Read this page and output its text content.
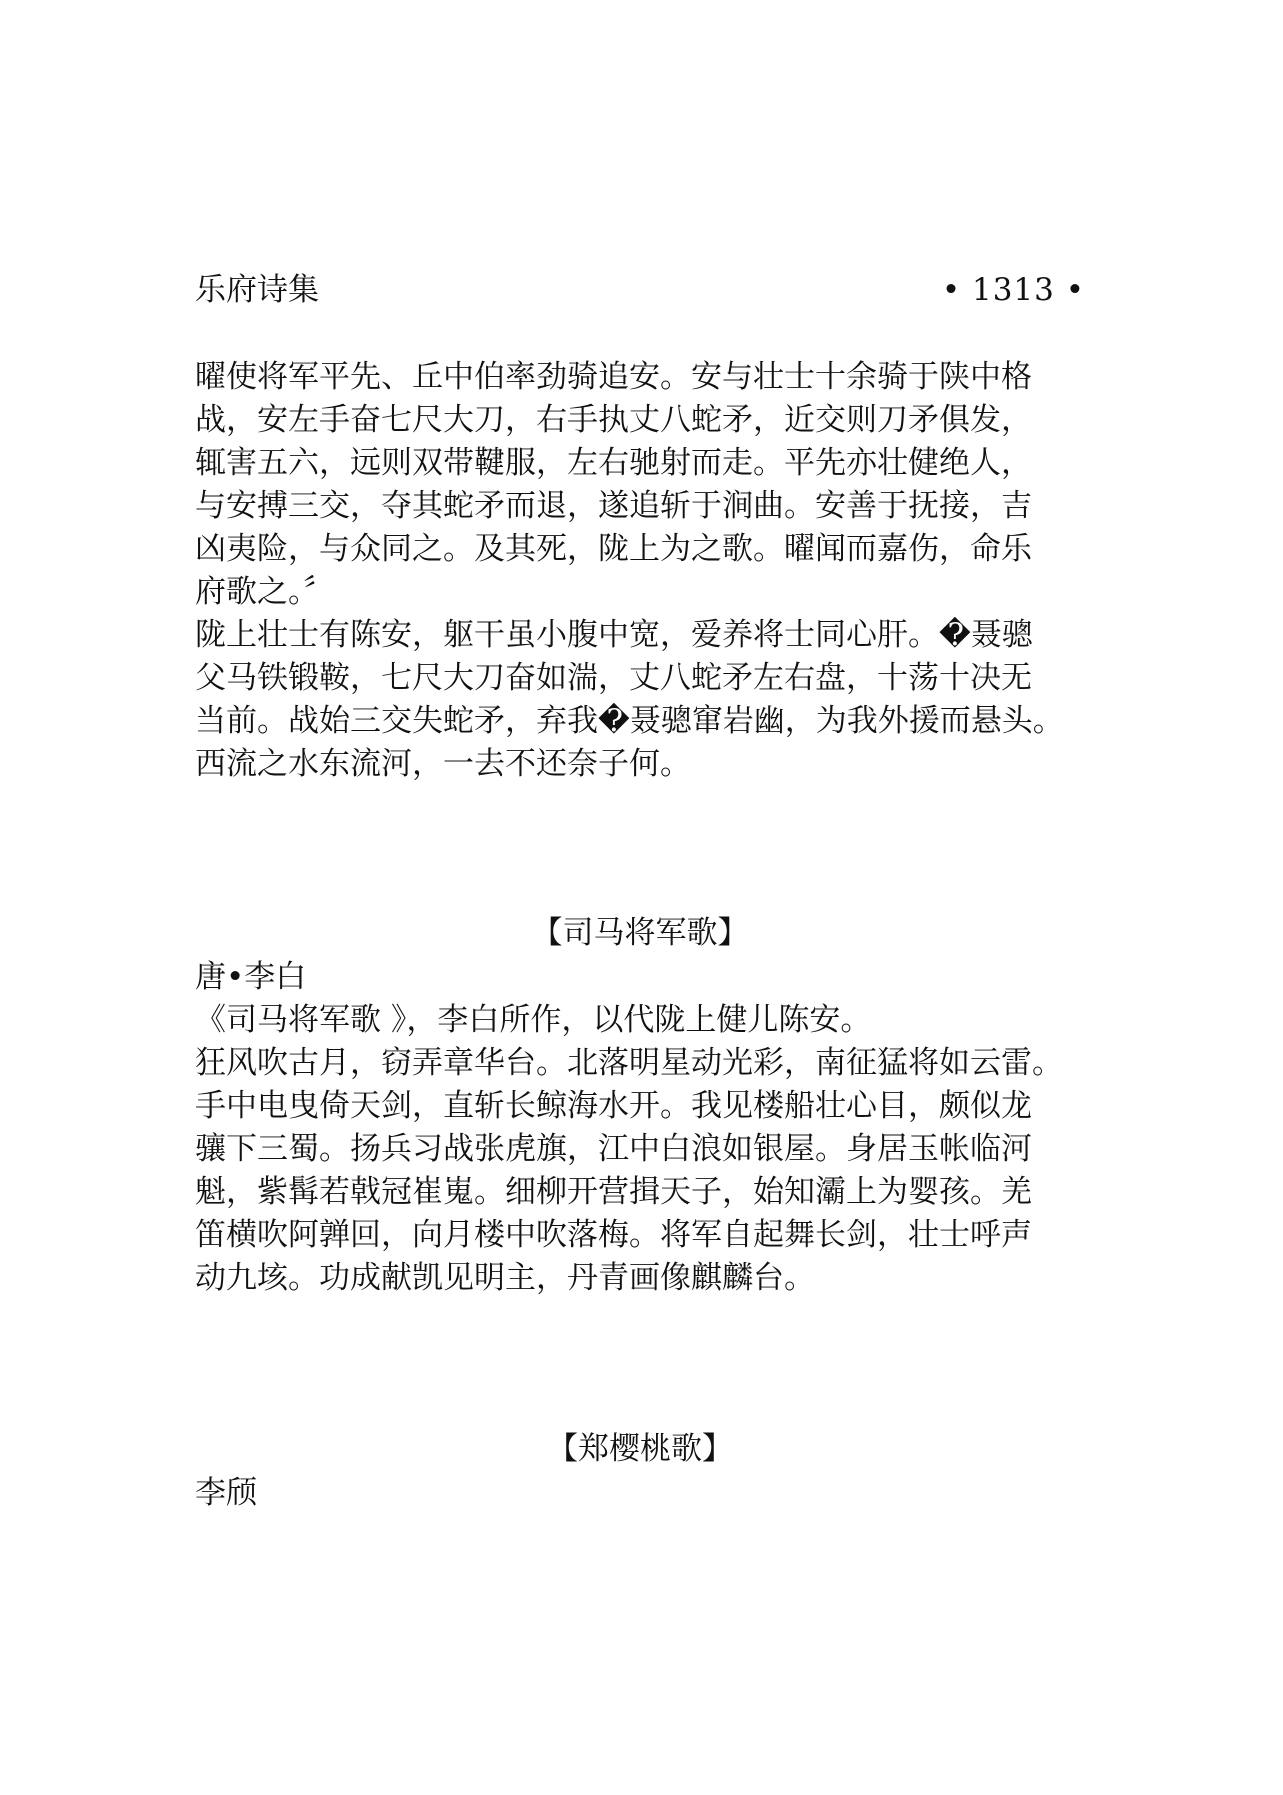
乐府诗集	• 1313 •
曜使将军平先、丘中伯率劲骑追安。安与壮士十余骑于陕中格
战，安左手奋七尺大刀，右手执丈八蛇矛，近交则刀矛俱发，
辄害五六，远则双带鞬服，左右驰射而走。平先亦壮健绝人，
与安搏三交，夺其蛇矛而退，遂追斩于涧曲。安善于抚接，吉
凶夷险，与众同之。及其死，陇上为之歌。曜闻而嘉伤，命乐
府歌之。〞
陇上壮士有陈安，躯干虽小腹中宽，爱养将士同心肝。�聂骢
父马铁锻鞍，七尺大刀奋如湍，丈八蛇矛左右盘，十荡十决无
当前。战始三交失蛇矛，弃我�聂骢窜岩幽，为我外援而悬头。
西流之水东流河，一去不还奈子何。
【司马将军歌】
唐•李白
《司马将军歌 》，李白所作，以代陇上健儿陈安。
狂风吹古月，窃弄章华台。北落明星动光彩，南征猛将如云雷。
手中电曳倚天剑，直斩长鲸海水开。我见楼船壮心目，颇似龙
骧下三蜀。扬兵习战张虎旗，江中白浪如银屋。身居玉帐临河
魁，紫髯若戟冠崔嵬。细柳开营揖天子，始知灞上为婴孩。羌
笛横吹阿亸回，向月楼中吹落梅。将军自起舞长剑，壮士呼声
动九垓。功成献凯见明主，丹青画像麒麟台。
【郑樱桃歌】
李颀
